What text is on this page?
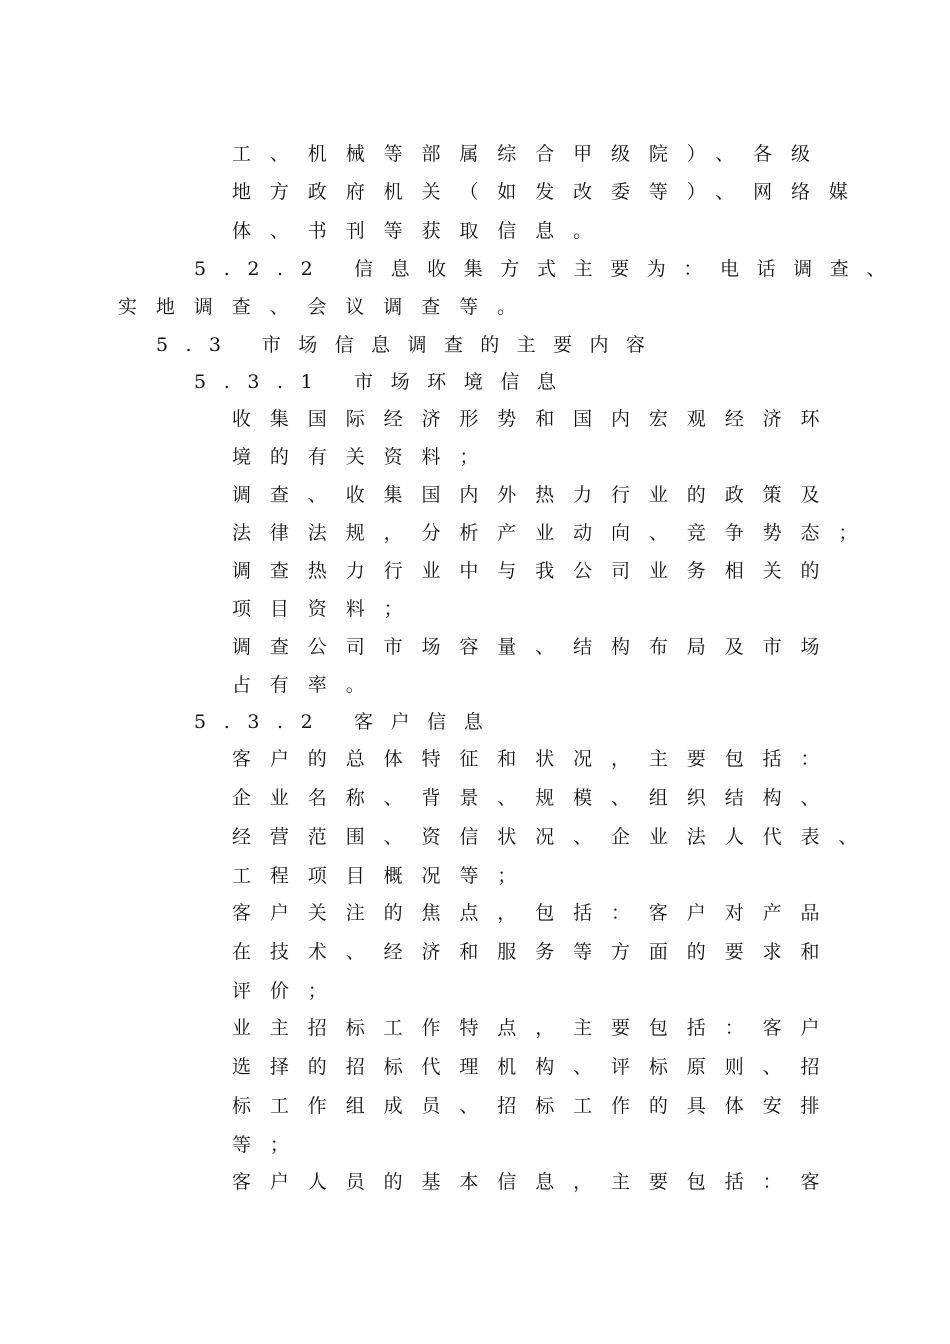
工、机械等部属综合甲级院）、各级
地方政府机关（如发改委等）、网络媒
体、书刊等获取信息。
5.2.2 信息收集方式主要为：电话调查、
实地调查、会议调查等。
5.3 市场信息调查的主要内容
5.3.1 市场环境信息
收集国际经济形势和国内宏观经济环
境的有关资料；
调查、收集国内外热力行业的政策及
法律法规，分析产业动向、竞争势态；
调查热力行业中与我公司业务相关的
项目资料；
调查公司市场容量、结构布局及市场
占有率。
5.3.2 客户信息
客户的总体特征和状况，主要包括：
企业名称、背景、规模、组织结构、
经营范围、资信状况、企业法人代表、
工程项目概况等；
客户关注的焦点，包括：客户对产品
在技术、经济和服务等方面的要求和
评价；
业主招标工作特点，主要包括：客户
选择的招标代理机构、评标原则、招
标工作组成员、招标工作的具体安排
等；
客户人员的基本信息，主要包括：客
